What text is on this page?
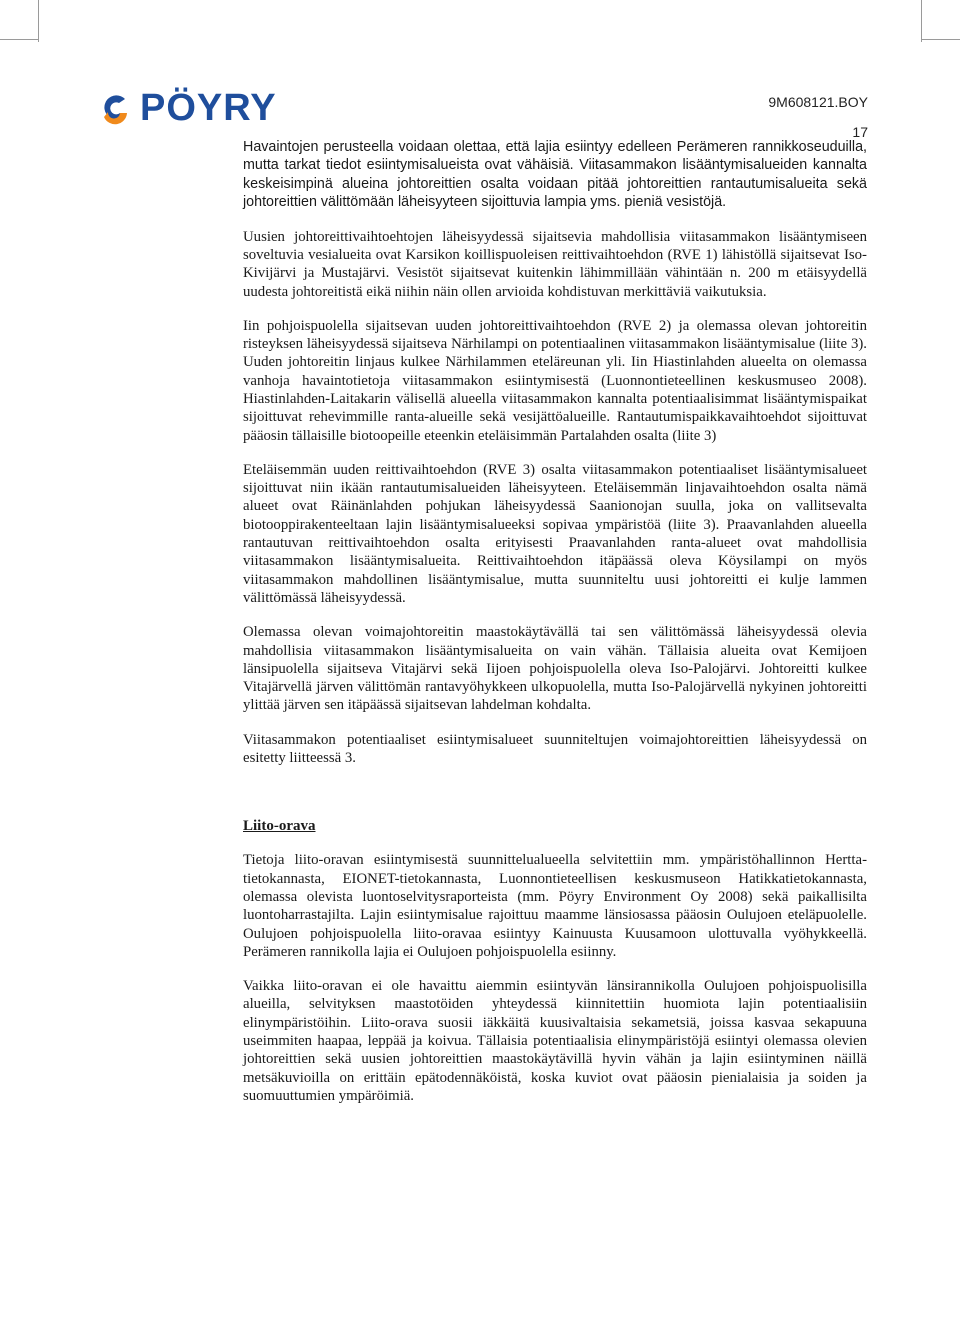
PÖYRY	9M608121.BOY
17

Havaintojen perusteella voidaan olettaa, että lajia esiintyy edelleen Perämeren rannikkoseuduilla, mutta tarkat tiedot esiintymisalueista ovat vähäisiä. Viitasammakon lisääntymisalueiden kannalta keskeisimpinä alueina johtoreittien osalta voidaan pitää johtoreittien rantautumisalueita sekä johtoreittien välittömään läheisyyteen sijoittuvia lampia yms. pieniä vesistöjä.

Uusien johtoreittivaihtoehtojen läheisyydessä sijaitsevia mahdollisia viitasammakon lisääntymiseen soveltuvia vesialueita ovat Karsikon koillispuoleisen reittivaihtoehdon (RVE 1) lähistöllä sijaitsevat Iso-Kivijärvi ja Mustajärvi. Vesistöt sijaitsevat kuitenkin lähimmillään vähintään n. 200 m etäisyydellä uudesta johtoreitistä eikä niihin näin ollen arvioida kohdistuvan merkittäviä vaikutuksia.

Iin pohjoispuolella sijaitsevan uuden johtoreittivaihtoehdon (RVE 2) ja olemassa olevan johtoreitin risteyksen läheisyydessä sijaitseva Närhilampi on potentiaalinen viitasammakon lisääntymisalue (liite 3). Uuden johtoreitin linjaus kulkee Närhilammen eteläreunan yli. Iin Hiastinlahden alueelta on olemassa vanhoja havaintotietoja viitasammakon esiintymisestä (Luonnontieteellinen keskusmuseo 2008). Hiastinlahden-Laitakarin välisellä alueella viitasammakon kannalta potentiaalisimmat lisääntymispaikat sijoittuvat rehevimmille ranta-alueille sekä vesijättöalueille. Rantautumispaikkavaihtoehdot sijoittuvat pääosin tällaisille biotoopeille eteenkin eteläisimmän Partalahden osalta (liite 3)

Eteläisemmän uuden reittivaihtoehdon (RVE 3) osalta viitasammakon potentiaaliset lisääntymisalueet sijoittuvat niin ikään rantautumisalueiden läheisyyteen. Eteläisemmän linjavaihtoehdon osalta nämä alueet ovat Räinänlahden pohjukan läheisyydessä Saanionojan suulla, joka on vallitsevalta biotooppirakenteeltaan lajin lisääntymisalueeksi sopivaa ympäristöä (liite 3). Praavanlahden alueella rantautuvan reittivaihtoehdon osalta erityisesti Praavanlahden ranta-alueet ovat mahdollisia viitasammakon lisääntymisalueita. Reittivaihtoehdon itäpäässä oleva Köysilampi on myös viitasammakon mahdollinen lisääntymisalue, mutta suunniteltu uusi johtoreitti ei kulje lammen välittömässä läheisyydessä.

Olemassa olevan voimajohtoreitin maastokäytävällä tai sen välittömässä läheisyydessä olevia mahdollisia viitasammakon lisääntymisalueita on vain vähän. Tällaisia alueita ovat Kemijoen länsipuolella sijaitseva Vitajärvi sekä Iijoen pohjoispuolella oleva Iso-Palojärvi. Johtoreitti kulkee Vitajärvellä järven välittömän rantavyöhykkeen ulkopuolella, mutta Iso-Palojärvellä nykyinen johtoreitti ylittää järven sen itäpäässä sijaitsevan lahdelman kohdalta.

Viitasammakon potentiaaliset esiintymisalueet suunniteltujen voimajohtoreittien läheisyydessä on esitetty liitteessä 3.

Liito-orava

Tietoja liito-oravan esiintymisestä suunnittelualueella selvitettiin mm. ympäristöhallinnon Hertta-tietokannasta, EIONET-tietokannasta, Luonnontieteellisen keskusmuseon Hatikkatietokannasta, olemassa olevista luontoselvitysraporteista (mm. Pöyry Environment Oy 2008) sekä paikallisilta luontoharrastajilta. Lajin esiintymisalue rajoittuu maamme länsiosassa pääosin Oulujoen eteläpuolelle. Oulujoen pohjoispuolella liito-oravaa esiintyy Kainuusta Kuusamoon ulottuvalla vyöhykkeellä. Perämeren rannikolla lajia ei Oulujoen pohjoispuolella esiinny.

Vaikka liito-oravan ei ole havaittu aiemmin esiintyvän länsirannikolla Oulujoen pohjoispuolisilla alueilla, selvityksen maastotöiden yhteydessä kiinnitettiin huomiota lajin potentiaalisiin elinympäristöihin. Liito-orava suosii iäkkäitä kuusivaltaisia sekametsiä, joissa kasvaa sekapuuna useimmiten haapaa, leppää ja koivua. Tällaisia potentiaalisia elinympäristöjä esiintyi olemassa olevien johtoreittien sekä uusien johtoreittien maastokäytävillä hyvin vähän ja lajin esiintyminen näillä metsäkuvioilla on erittäin epätodennäköistä, koska kuviot ovat pääosin pienialaisia ja soiden ja suomuuttumien ympäröimiä.
